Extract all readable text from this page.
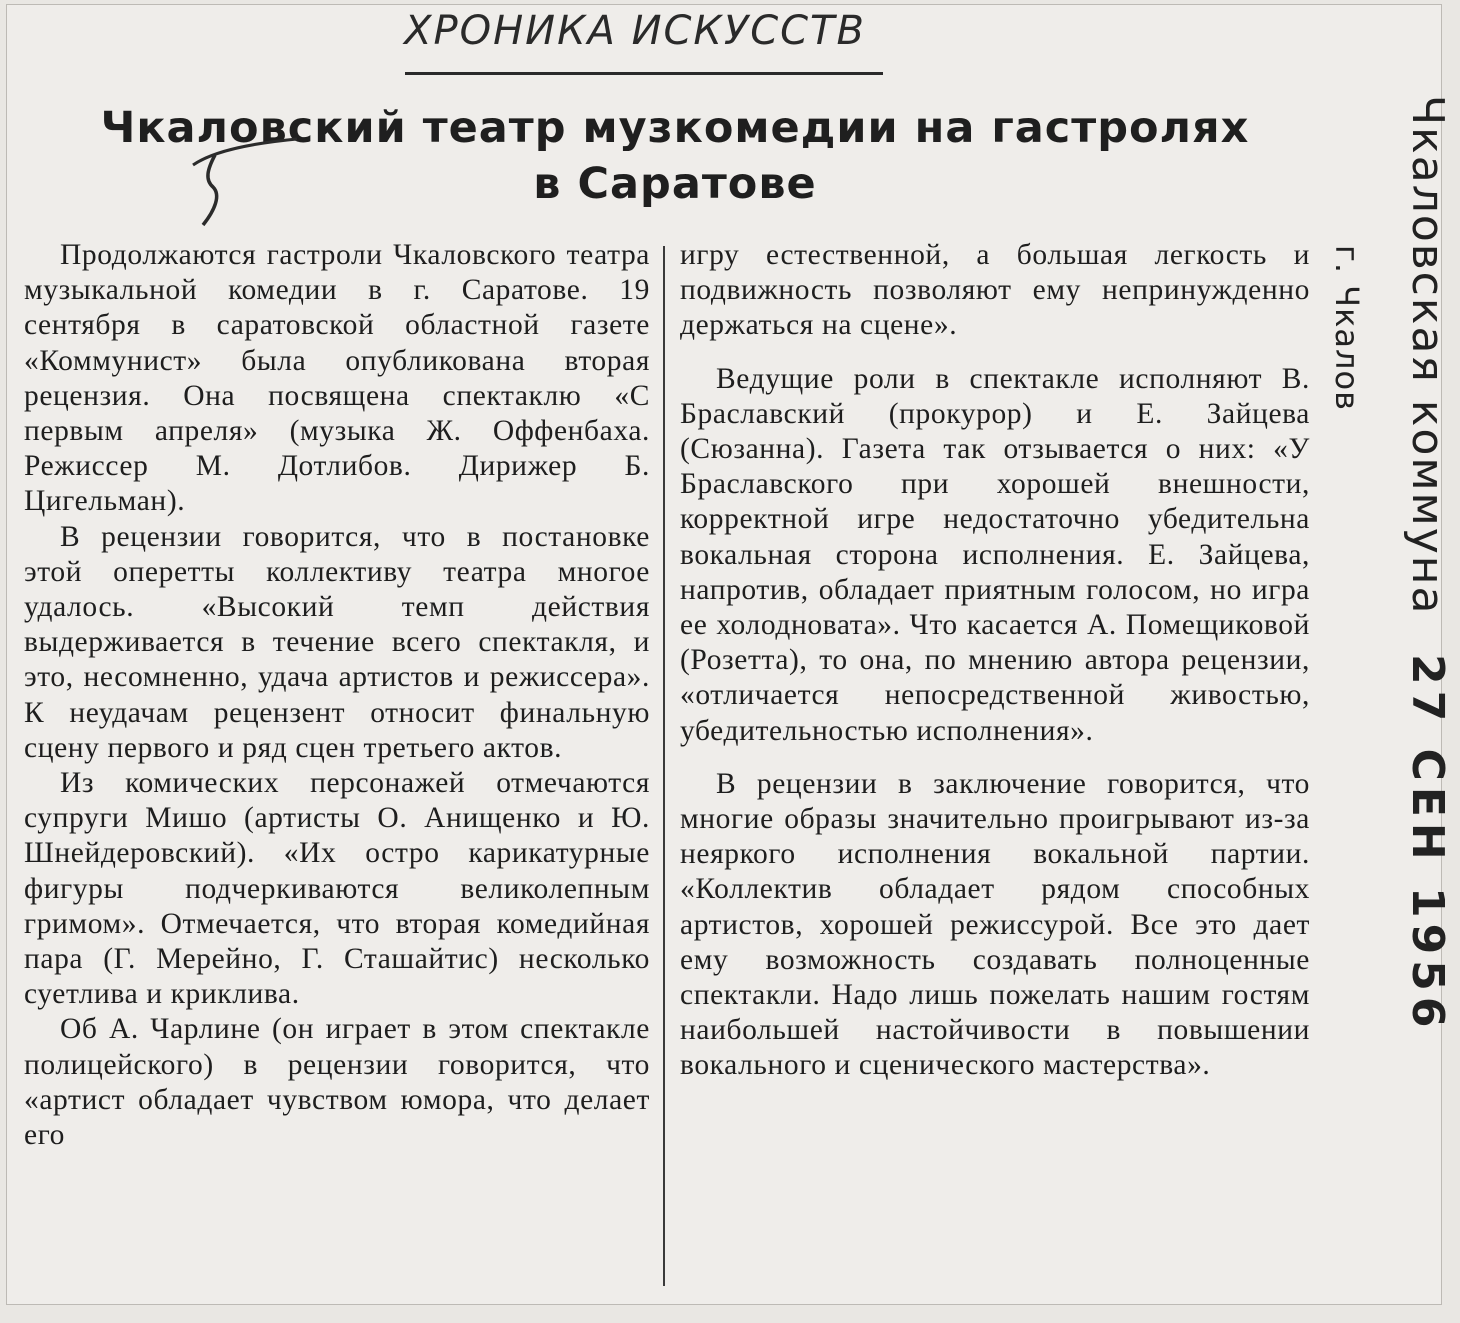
ХРОНИКА ИСКУССТВ
Чкаловский театр музкомедии на гастролях
в Саратове

Продолжаются гастроли Чкаловского театра музыкальной комедии в г. Саратове. 19 сентября в саратовской областной газете «Коммунист» была опубликована вторая рецензия. Она посвящена спектаклю «С первым апреля» (музыка Ж. Оффенбаха. Режиссер М. Дотлибов. Дирижер Б. Цигельман).

В рецензии говорится, что в постановке этой оперетты коллективу театра многое удалось. «Высокий темп действия выдерживается в течение всего спектакля, и это, несомненно, удача артистов и режиссера». К неудачам рецензент относит финальную сцену первого и ряд сцен третьего актов.

Из комических персонажей отмечаются супруги Мишо (артисты О. Анищенко и Ю. Шнейдеровский). «Их остро карикатурные фигуры подчеркиваются великолепным гримом». Отмечается, что вторая комедийная пара (Г. Мерейно, Г. Сташайтис) несколько суетлива и криклива.

Об А. Чарлине (он играет в этом спектакле полицейского) в рецензии говорится, что «артист обладает чувством юмора, что делает его

игру естественной, а большая легкость и подвижность позволяют ему непринужденно держаться на сцене».

Ведущие роли в спектакле исполняют В. Браславский (прокурор) и Е. Зайцева (Сюзанна). Газета так отзывается о них: «У Браславского при хорошей внешности, корректной игре недостаточно убедительна вокальная сторона исполнения. Е. Зайцева, напротив, обладает приятным голосом, но игра ее холодновата». Что касается А. Помещиковой (Розетта), то она, по мнению автора рецензии, «отличается непосредственной живостью, убедительностью исполнения».

В рецензии в заключение говорится, что многие образы значительно проигрывают из-за неяркого исполнения вокальной партии. «Коллектив обладает рядом способных артистов, хорошей режиссурой. Все это дает ему возможность создавать полноценные спектакли. Надо лишь пожелать нашим гостям наибольшей настойчивости в повышении вокального и сценического мастерства».

Чкаловская коммуна 27 СЕН 1956
г. Чкалов
